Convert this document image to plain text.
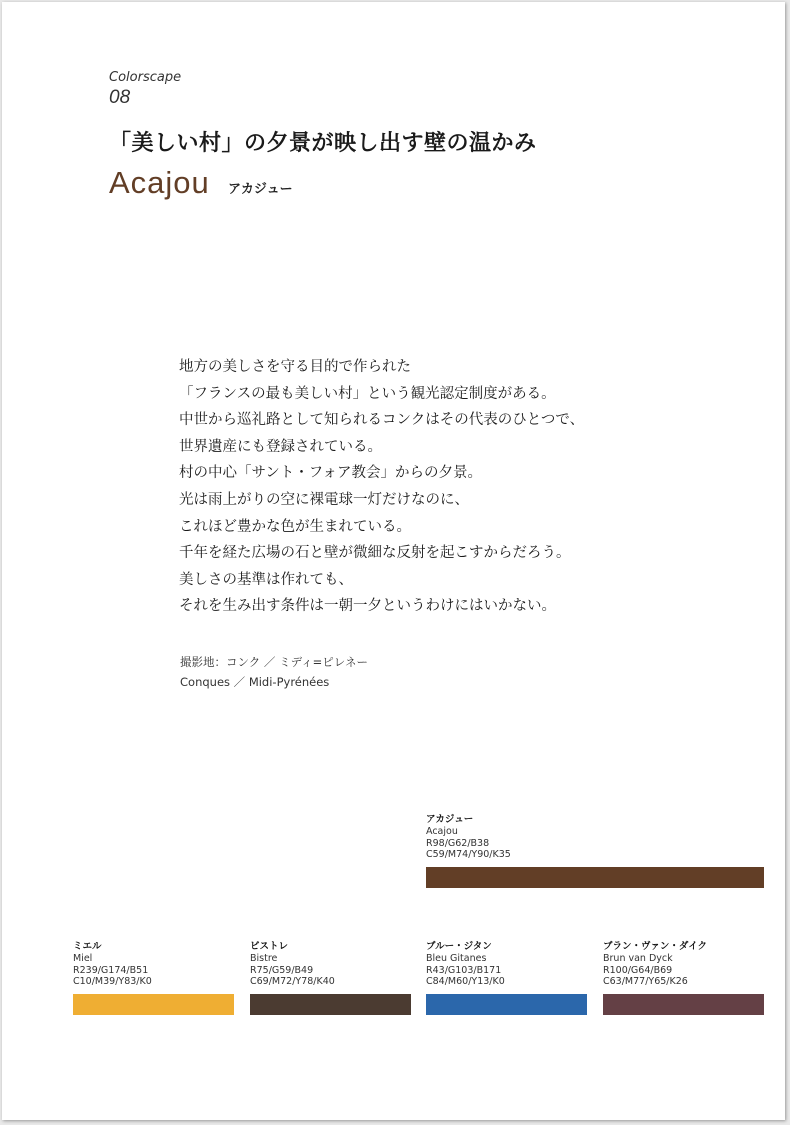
Colorscape
08
「美しい村」の夕景が映し出す壁の温かみ
Acajou アカジュー
地方の美しさを守る目的で作られた
「フランスの最も美しい村」という観光認定制度がある。
中世から巡礼路として知られるコンクはその代表のひとつで、
世界遺産にも登録されている。
村の中心「サント・フォア教会」からの夕景。
光は雨上がりの空に裸電球一灯だけなのに、
これほど豊かな色が生まれている。
千年を経た広場の石と壁が微細な反射を起こすからだろう。
美しさの基準は作れても、
それを生み出す条件は一朝一夕というわけにはいかない。
撮影地：コンク ／ ミディ=ピレネー
Conques ／ Midi-Pyrénées
アカジュー
Acajou
R98/G62/B38
C59/M74/Y90/K35
ミエル
Miel
R239/G174/B51
C10/M39/Y83/K0
ビストレ
Bistre
R75/G59/B49
C69/M72/Y78/K40
ブルー・ジタン
Bleu Gitanes
R43/G103/B171
C84/M60/Y13/K0
ブラン・ヴァン・ダイク
Brun van Dyck
R100/G64/B69
C63/M77/Y65/K26
